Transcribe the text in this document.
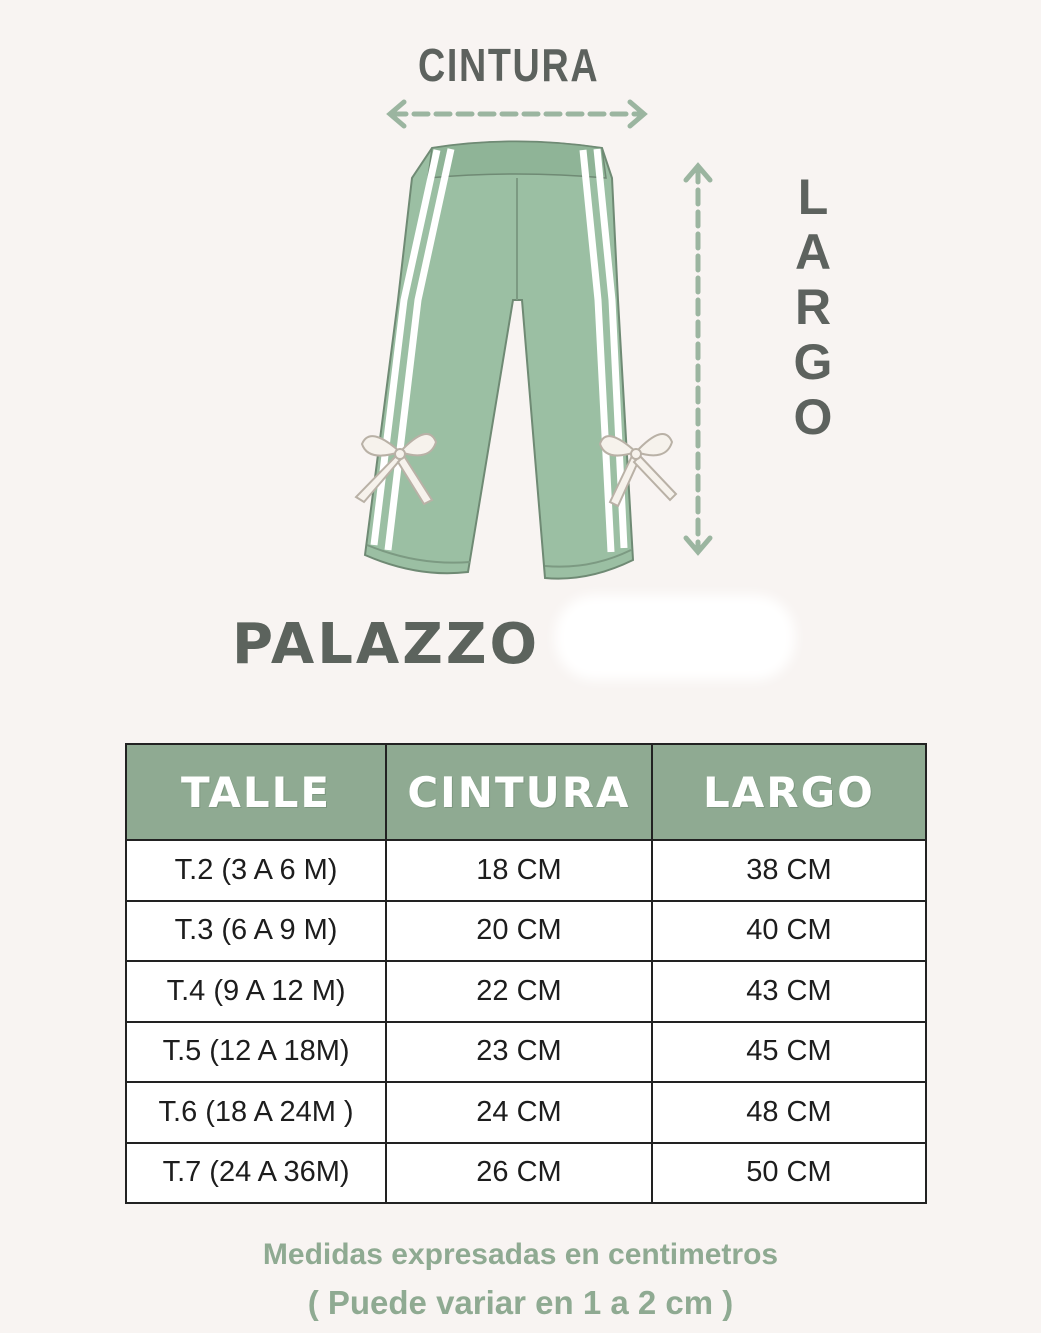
CINTURA
L
A
R
G
O
PALAZZO
TALLE	CINTURA	LARGO
T.2 (3 A 6 M)	18 CM	38 CM
T.3 (6 A 9 M)	20 CM	40 CM
T.4 (9 A 12 M)	22 CM	43 CM
T.5 (12 A 18M)	23 CM	45 CM
T.6 (18 A 24M )	24 CM	48 CM
T.7 (24 A 36M)	26 CM	50 CM
Medidas expresadas en centimetros
( Puede variar en 1 a 2 cm )
